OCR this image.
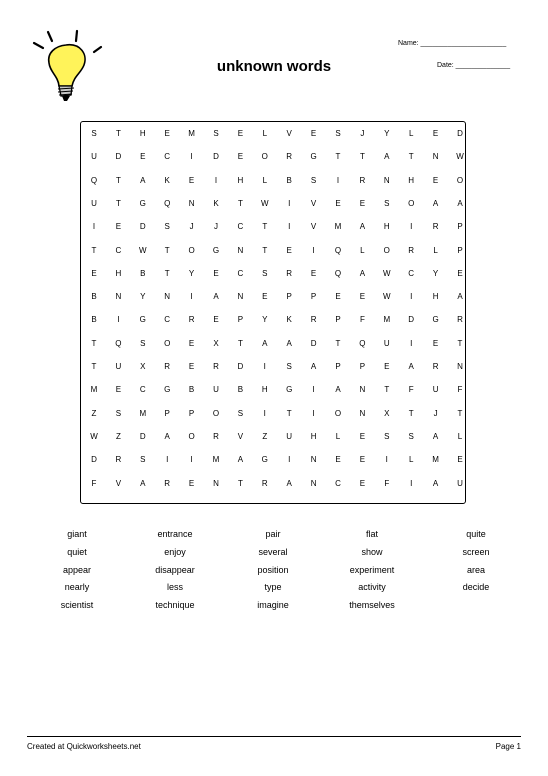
unknown words
Name: ______________________
Date: ______________
S	T	H	E	M	S	E	L	V	E	S	J	Y	L	E	D
U	D	E	C	I	D	E	O	R	G	T	T	A	T	N	W
Q	T	A	K	E	I	H	L	B	S	I	R	N	H	E	O
U	T	G	Q	N	K	T	W	I	V	E	E	S	O	A	A
I	E	D	S	J	J	C	T	I	V	M	A	H	I	R	P
T	C	W	T	O	G	N	T	E	I	Q	L	O	R	L	P
E	H	B	T	Y	E	C	S	R	E	Q	A	W	C	Y	E
B	N	Y	N	I	A	N	E	P	P	E	E	W	I	H	A
B	I	G	C	R	E	P	Y	K	R	P	F	M	D	G	R
T	Q	S	O	E	X	T	A	A	D	T	Q	U	I	E	T
T	U	X	R	E	R	D	I	S	A	P	P	E	A	R	N
M	E	C	G	B	U	B	H	G	I	A	N	T	F	U	F
Z	S	M	P	P	O	S	I	T	I	O	N	X	T	J	T
W	Z	D	A	O	R	V	Z	U	H	L	E	S	S	A	L
D	R	S	I	I	M	A	G	I	N	E	E	I	L	M	E
F	V	A	R	E	N	T	R	A	N	C	E	F	I	A	U
giant	entrance	pair	flat	quite
quiet	enjoy	several	show	screen
appear	disappear	position	experiment	area
nearly	less	type	activity	decide
scientist	technique	imagine	themselves
Created at Quickworksheets.net	Page 1
